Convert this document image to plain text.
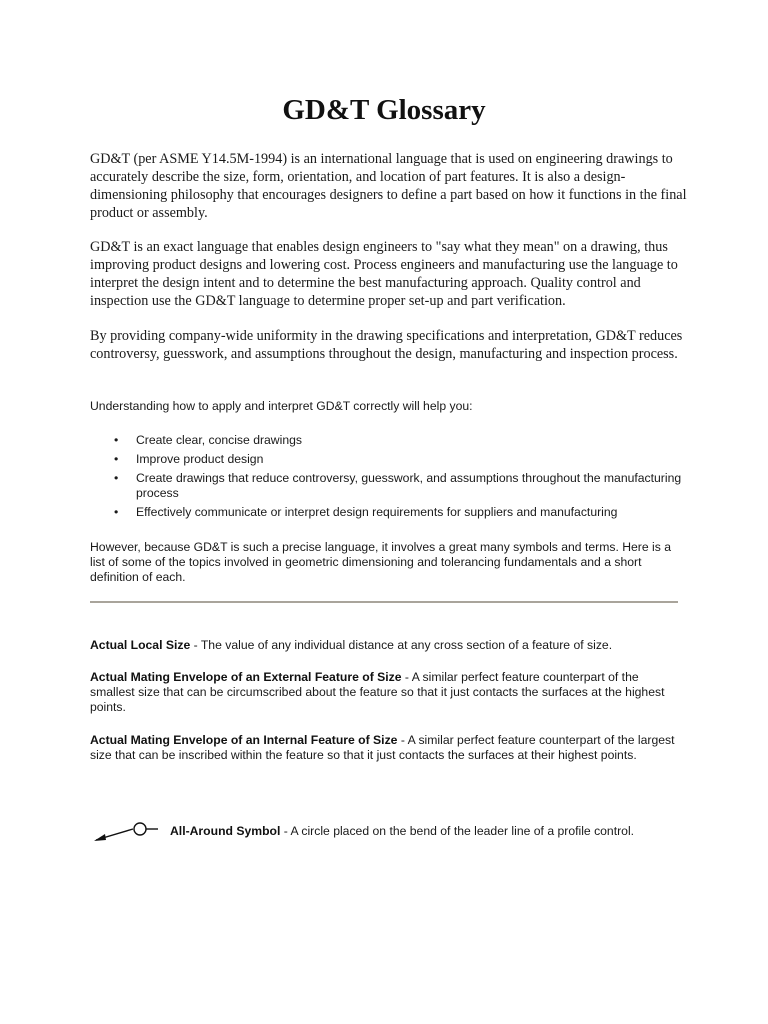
GD&T Glossary

GD&T (per ASME Y14.5M-1994) is an international language that is used on engineering drawings to accurately describe the size, form, orientation, and location of part features. It is also a design-dimensioning philosophy that encourages designers to define a part based on how it functions in the final product or assembly.

GD&T is an exact language that enables design engineers to "say what they mean" on a drawing, thus improving product designs and lowering cost. Process engineers and manufacturing use the language to interpret the design intent and to determine the best manufacturing approach. Quality control and inspection use the GD&T language to determine proper set-up and part verification.

By providing company-wide uniformity in the drawing specifications and interpretation, GD&T reduces controversy, guesswork, and assumptions throughout the design, manufacturing and inspection process.

Understanding how to apply and interpret GD&T correctly will help you:

• Create clear, concise drawings
• Improve product design
• Create drawings that reduce controversy, guesswork, and assumptions throughout the manufacturing process
• Effectively communicate or interpret design requirements for suppliers and manufacturing

However, because GD&T is such a precise language, it involves a great many symbols and terms. Here is a list of some of the topics involved in geometric dimensioning and tolerancing fundamentals and a short definition of each.

Actual Local Size - The value of any individual distance at any cross section of a feature of size.

Actual Mating Envelope of an External Feature of Size - A similar perfect feature counterpart of the smallest size that can be circumscribed about the feature so that it just contacts the surfaces at the highest points.

Actual Mating Envelope of an Internal Feature of Size - A similar perfect feature counterpart of the largest size that can be inscribed within the feature so that it just contacts the surfaces at their highest points.

All-Around Symbol - A circle placed on the bend of the leader line of a profile control.
